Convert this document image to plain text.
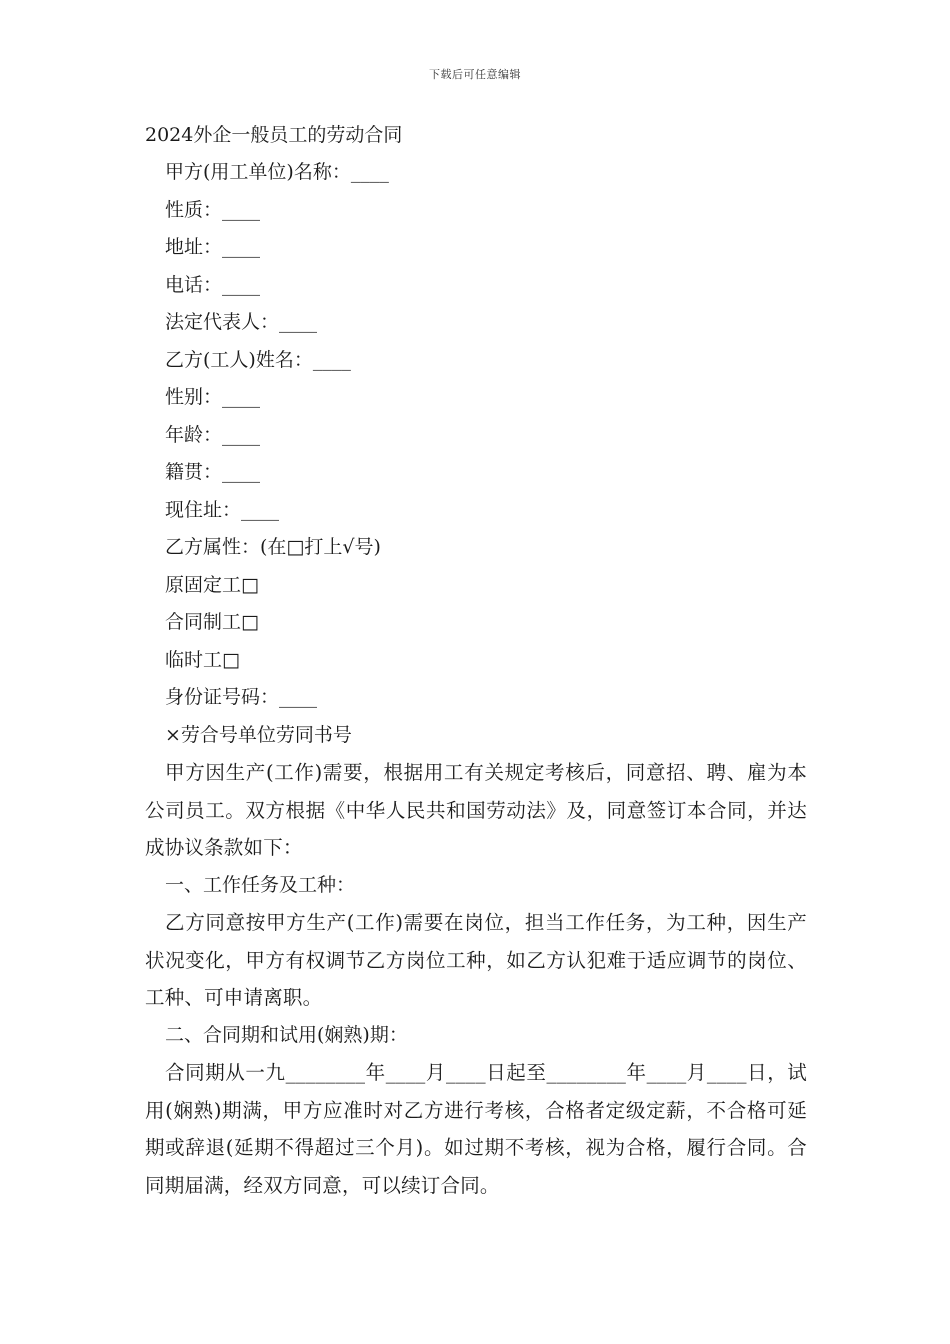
下载后可任意编辑
2024外企一般员工的劳动合同
甲方(用工单位)名称：____
性质：____
地址：____
电话：____
法定代表人：____
乙方(工人)姓名：____
性别：____
年龄：____
籍贯：____
现住址：____
乙方属性：(在□打上√号)
原固定工□
合同制工□
临时工□
身份证号码：____
×劳合号单位劳同书号

甲方因生产(工作)需要，根据用工有关规定考核后，同意招、聘、雇为本公司员工。双方根据《中华人民共和国劳动法》及，同意签订本合同，并达成协议条款如下：

一、工作任务及工种：

乙方同意按甲方生产(工作)需要在岗位，担当工作任务，为工种，因生产状况变化，甲方有权调节乙方岗位工种，如乙方认犯难于适应调节的岗位、工种、可申请离职。

二、合同期和试用(娴熟)期：

合同期从一九________年____月____日起至________年____月____日，试用(娴熟)期满，甲方应准时对乙方进行考核，合格者定级定薪，不合格可延期或辞退(延期不得超过三个月)。如过期不考核，视为合格，履行合同。合同期届满，经双方同意，可以续订合同。
